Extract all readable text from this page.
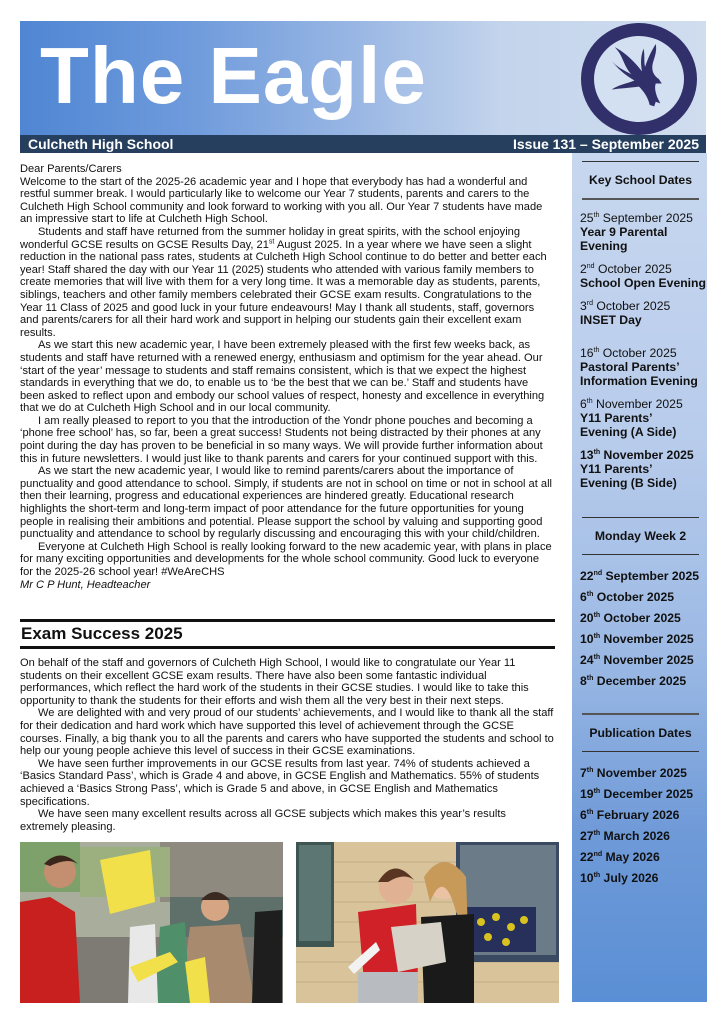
The Eagle
Culcheth High School	Issue 131 – September 2025

Dear Parents/Carers

Welcome to the start of the 2025-26 academic year and I hope that everybody has had a wonderful and restful summer break. I would particularly like to welcome our Year 7 students, parents and carers to the Culcheth High School community and look forward to working with you all. Our Year 7 students have made an impressive start to life at Culcheth High School.

Students and staff have returned from the summer holiday in great spirits, with the school enjoying wonderful GCSE results on GCSE Results Day, 21st August 2025. In a year where we have seen a slight reduction in the national pass rates, students at Culcheth High School continue to do better and better each year! Staff shared the day with our Year 11 (2025) students who attended with various family members to create memories that will live with them for a very long time. It was a memorable day as students, parents, siblings, teachers and other family members celebrated their GCSE exam results. Congratulations to the Year 11 Class of 2025 and good luck in your future endeavours! May I thank all students, staff, governors and parents/carers for all their hard work and support in helping our students gain their excellent exam results.

As we start this new academic year, I have been extremely pleased with the first few weeks back, as students and staff have returned with a renewed energy, enthusiasm and optimism for the year ahead. Our ‘start of the year’ message to students and staff remains consistent, which is that we expect the highest standards in everything that we do, to enable us to ‘be the best that we can be.’ Staff and students have been asked to reflect upon and embody our school values of respect, honesty and excellence in everything that we do at Culcheth High School and in our local community.

I am really pleased to report to you that the introduction of the Yondr phone pouches and becoming a ‘phone free school’ has, so far, been a great success! Students not being distracted by their phones at any point during the day has proven to be beneficial in so many ways. We will provide further information about this in future newsletters. I would just like to thank parents and carers for your continued support with this.

As we start the new academic year, I would like to remind parents/carers about the importance of punctuality and good attendance to school. Simply, if students are not in school on time or not in school at all then their learning, progress and educational experiences are hindered greatly. Educational research highlights the short-term and long-term impact of poor attendance for the future opportunities for young people in realising their ambitions and potential. Please support the school by valuing and supporting good punctuality and attendance to school by regularly discussing and encouraging this with your child/children.

Everyone at Culcheth High School is really looking forward to the new academic year, with plans in place for many exciting opportunities and developments for the whole school community. Good luck to everyone for the 2025-26 school year! #WeAreCHS

Mr C P Hunt, Headteacher

Exam Success 2025

On behalf of the staff and governors of Culcheth High School, I would like to congratulate our Year 11 students on their excellent GCSE exam results. There have also been some fantastic individual performances, which reflect the hard work of the students in their GCSE studies. I would like to take this opportunity to thank the students for their efforts and wish them all the very best in their next steps.

We are delighted with and very proud of our students’ achievements, and I would like to thank all the staff for their dedication and hard work which have supported this level of achievement through the GCSE courses. Finally, a big thank you to all the parents and carers who have supported the students and school to help our young people achieve this level of success in their GCSE examinations.

We have seen further improvements in our GCSE results from last year. 74% of students achieved a ‘Basics Standard Pass’, which is Grade 4 and above, in GCSE English and Mathematics. 55% of students achieved a ‘Basics Strong Pass’, which is Grade 5 and above, in GCSE English and Mathematics specifications.

We have seen many excellent results across all GCSE subjects which makes this year’s results extremely pleasing.

Key School Dates
25th September 2025
Year 9 Parental Evening
2nd October 2025
School Open Evening
3rd October 2025
INSET Day
16th October 2025
Pastoral Parents’ Information Evening
6th November 2025
Y11 Parents’ Evening (A Side)
13th November 2025
Y11 Parents’ Evening (B Side)
Monday Week 2
22nd September 2025
6th October 2025
20th October 2025
10th November 2025
24th November 2025
8th December 2025
Publication Dates
7th November 2025
19th December 2025
6th February 2026
27th March 2026
22nd May 2026
10th July 2026
